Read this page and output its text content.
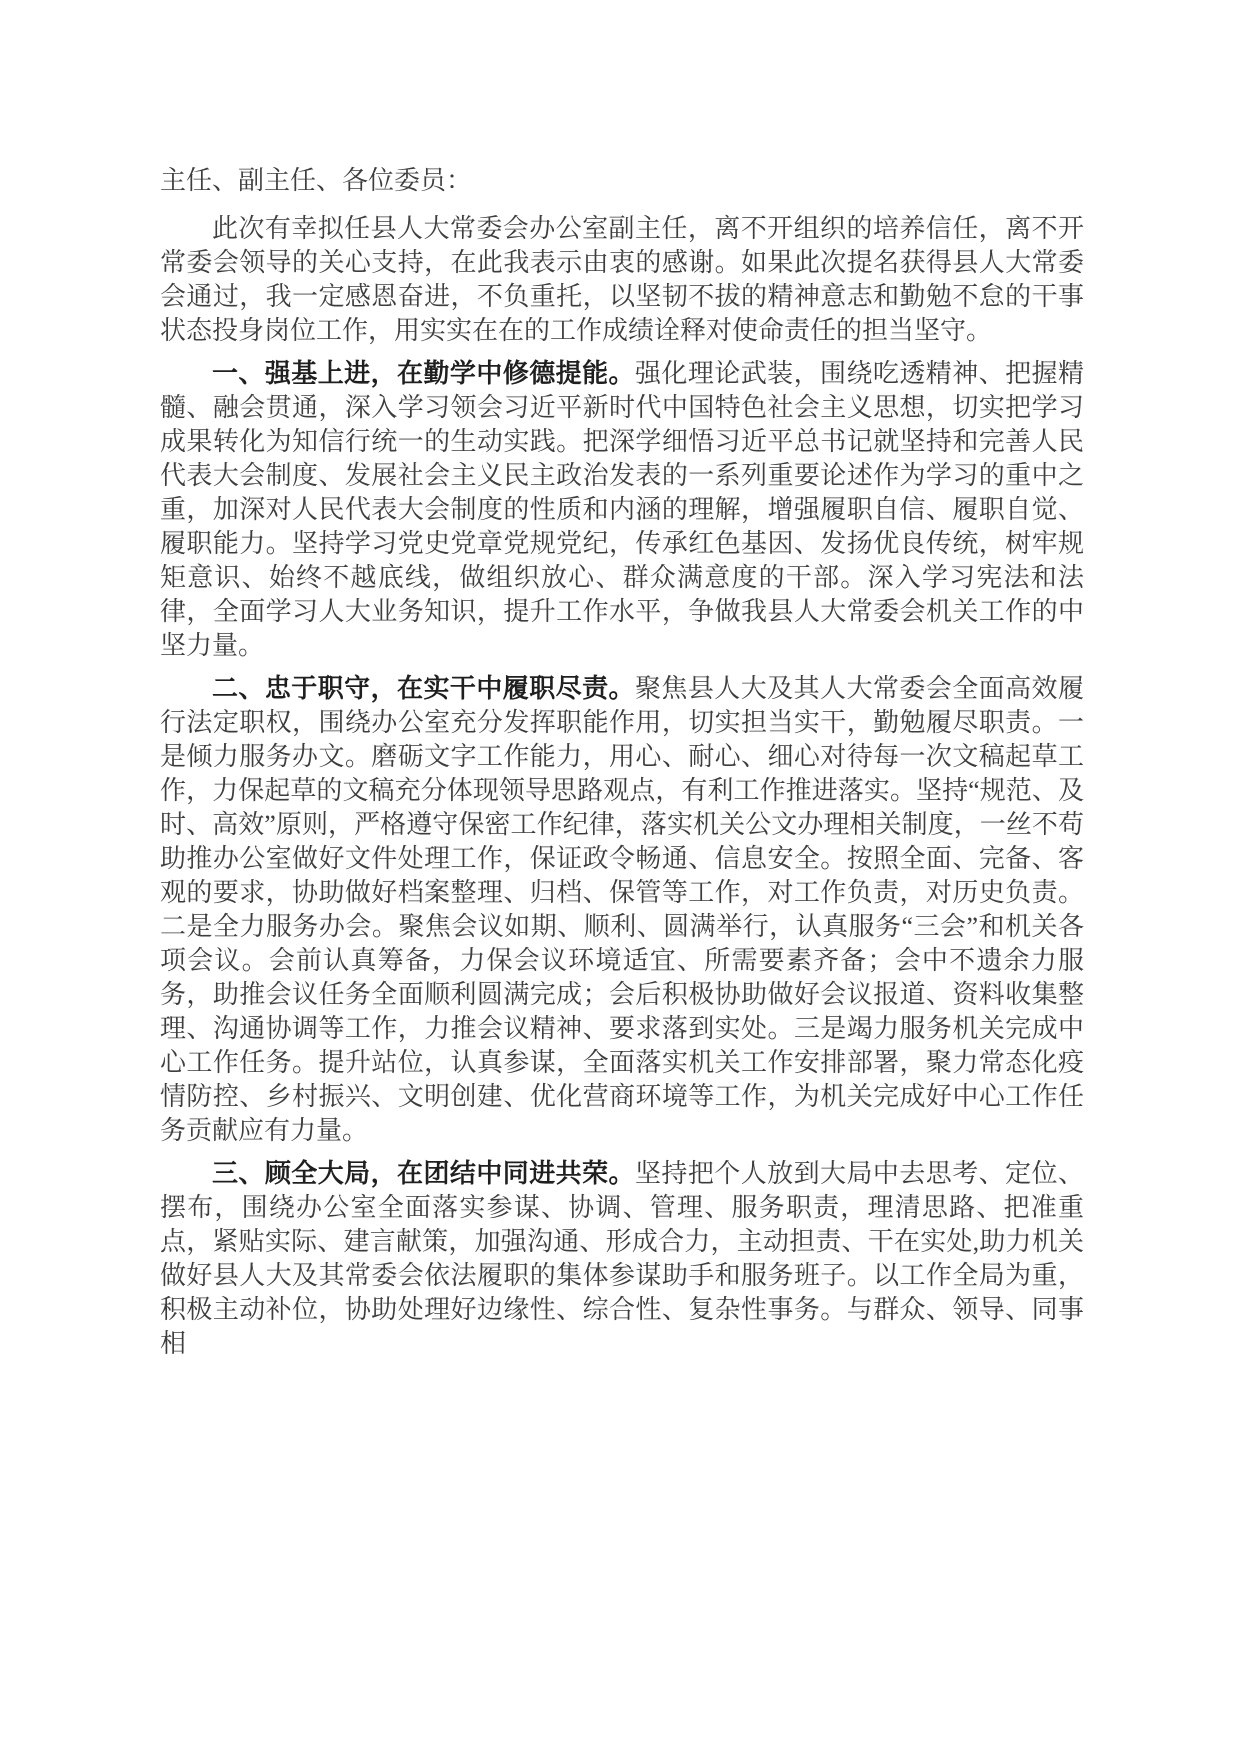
主任、副主任、各位委员：

此次有幸拟任县人大常委会办公室副主任，离不开组织的培养信任，离不开常委会领导的关心支持，在此我表示由衷的感谢。如果此次提名获得县人大常委会通过，我一定感恩奋进，不负重托，以坚韧不拔的精神意志和勤勉不怠的干事状态投身岗位工作，用实实在在的工作成绩诠释对使命责任的担当坚守。

一、强基上进，在勤学中修德提能。强化理论武装，围绕吃透精神、把握精髓、融会贯通，深入学习领会习近平新时代中国特色社会主义思想，切实把学习成果转化为知信行统一的生动实践。把深学细悟习近平总书记就坚持和完善人民代表大会制度、发展社会主义民主政治发表的一系列重要论述作为学习的重中之重，加深对人民代表大会制度的性质和内涵的理解，增强履职自信、履职自觉、履职能力。坚持学习党史党章党规党纪，传承红色基因、发扬优良传统，树牢规矩意识、始终不越底线，做组织放心、群众满意度的干部。深入学习宪法和法律，全面学习人大业务知识，提升工作水平，争做我县人大常委会机关工作的中坚力量。

二、忠于职守，在实干中履职尽责。聚焦县人大及其人大常委会全面高效履行法定职权，围绕办公室充分发挥职能作用，切实担当实干，勤勉履尽职责。一是倾力服务办文。磨砺文字工作能力，用心、耐心、细心对待每一次文稿起草工作，力保起草的文稿充分体现领导思路观点，有利工作推进落实。坚持“规范、及时、高效”原则，严格遵守保密工作纪律，落实机关公文办理相关制度，一丝不苟助推办公室做好文件处理工作，保证政令畅通、信息安全。按照全面、完备、客观的要求，协助做好档案整理、归档、保管等工作，对工作负责，对历史负责。二是全力服务办会。聚焦会议如期、顺利、圆满举行，认真服务“三会”和机关各项会议。会前认真筹备，力保会议环境适宜、所需要素齐备；会中不遗余力服务，助推会议任务全面顺利圆满完成；会后积极协助做好会议报道、资料收集整理、沟通协调等工作，力推会议精神、要求落到实处。三是竭力服务机关完成中心工作任务。提升站位，认真参谋，全面落实机关工作安排部署，聚力常态化疫情防控、乡村振兴、文明创建、优化营商环境等工作，为机关完成好中心工作任务贡献应有力量。

三、顾全大局，在团结中同进共荣。坚持把个人放到大局中去思考、定位、摆布，围绕办公室全面落实参谋、协调、管理、服务职责，理清思路、把准重点，紧贴实际、建言献策，加强沟通、形成合力，主动担责、干在实处,助力机关做好县人大及其常委会依法履职的集体参谋助手和服务班子。以工作全局为重，积极主动补位，协助处理好边缘性、综合性、复杂性事务。与群众、领导、同事相
